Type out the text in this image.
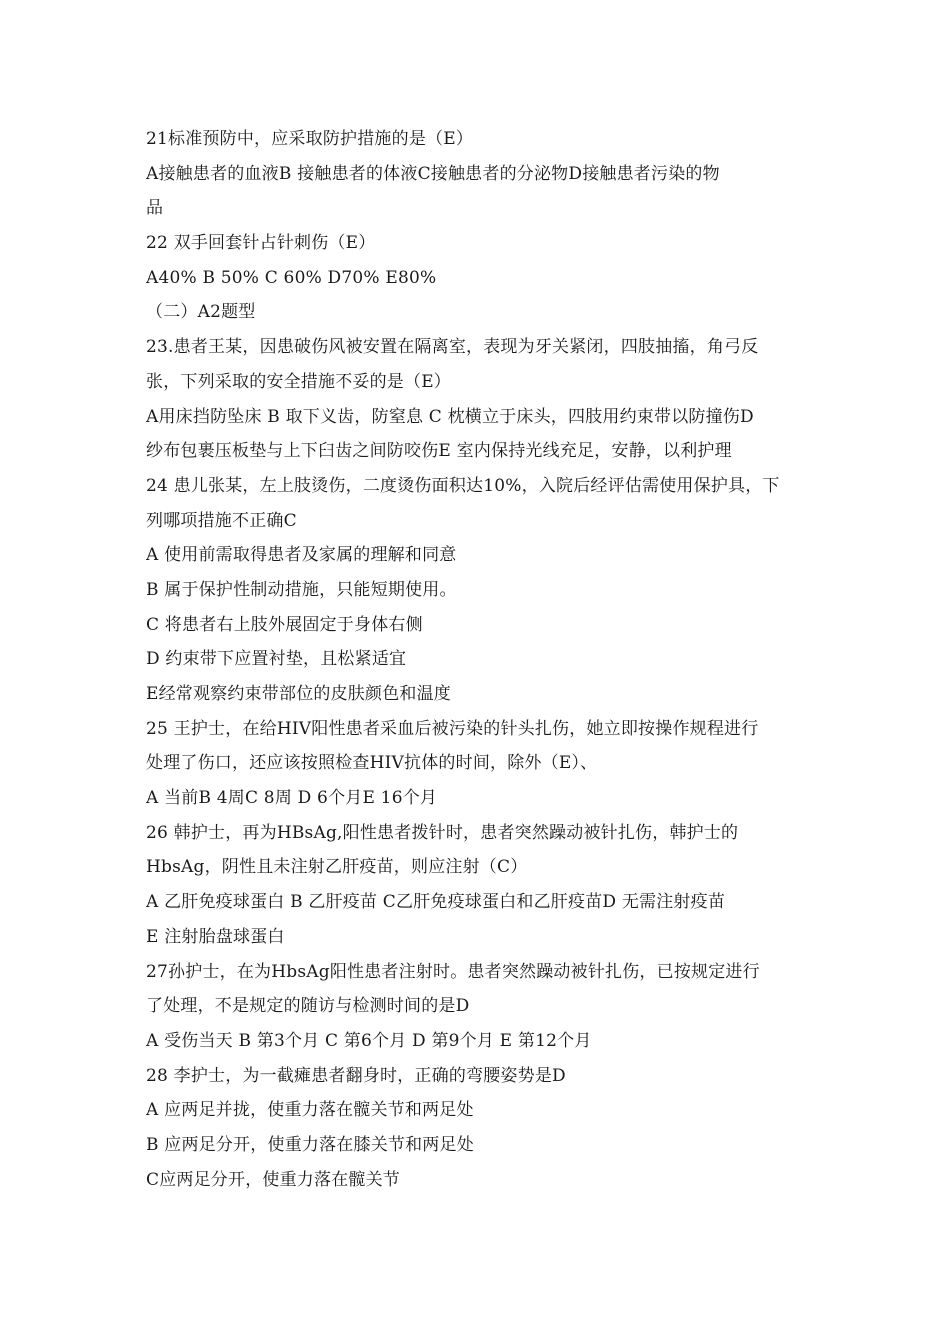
21标准预防中，应采取防护措施的是（E）
A接触患者的血液B 接触患者的体液C接触患者的分泌物D接触患者污染的物
品
22 双手回套针占针刺伤（E）
A40% B 50% C 60% D70% E80%
（二）A2题型
23.患者王某，因患破伤风被安置在隔离室，表现为牙关紧闭，四肢抽搐，角弓反
张，下列采取的安全措施不妥的是（E）
A用床挡防坠床 B 取下义齿，防窒息 C 枕横立于床头，四肢用约束带以防撞伤D
纱布包裹压板垫与上下臼齿之间防咬伤E 室内保持光线充足，安静，以利护理
24 患儿张某，左上肢烫伤，二度烫伤面积达10%，入院后经评估需使用保护具，下
列哪项措施不正确C
A 使用前需取得患者及家属的理解和同意
B 属于保护性制动措施，只能短期使用。
C 将患者右上肢外展固定于身体右侧
D 约束带下应置衬垫，且松紧适宜
E经常观察约束带部位的皮肤颜色和温度
25 王护士，在给HIV阳性患者采血后被污染的针头扎伤，她立即按操作规程进行
处理了伤口，还应该按照检查HIV抗体的时间，除外（E）、
A 当前B 4周C 8周 D 6个月E 16个月
26 韩护士，再为HBsAg,阳性患者拨针时，患者突然躁动被针扎伤，韩护士的
HbsAg，阴性且未注射乙肝疫苗，则应注射（C）
A 乙肝免疫球蛋白 B 乙肝疫苗 C乙肝免疫球蛋白和乙肝疫苗D 无需注射疫苗
E 注射胎盘球蛋白
27孙护士，在为HbsAg阳性患者注射时。患者突然躁动被针扎伤，已按规定进行
了处理，不是规定的随访与检测时间的是D
A 受伤当天 B 第3个月 C 第6个月 D 第9个月 E 第12个月
28 李护士，为一截瘫患者翻身时，正确的弯腰姿势是D
A 应两足并拢，使重力落在髋关节和两足处
B 应两足分开，使重力落在膝关节和两足处
C应两足分开，使重力落在髋关节
